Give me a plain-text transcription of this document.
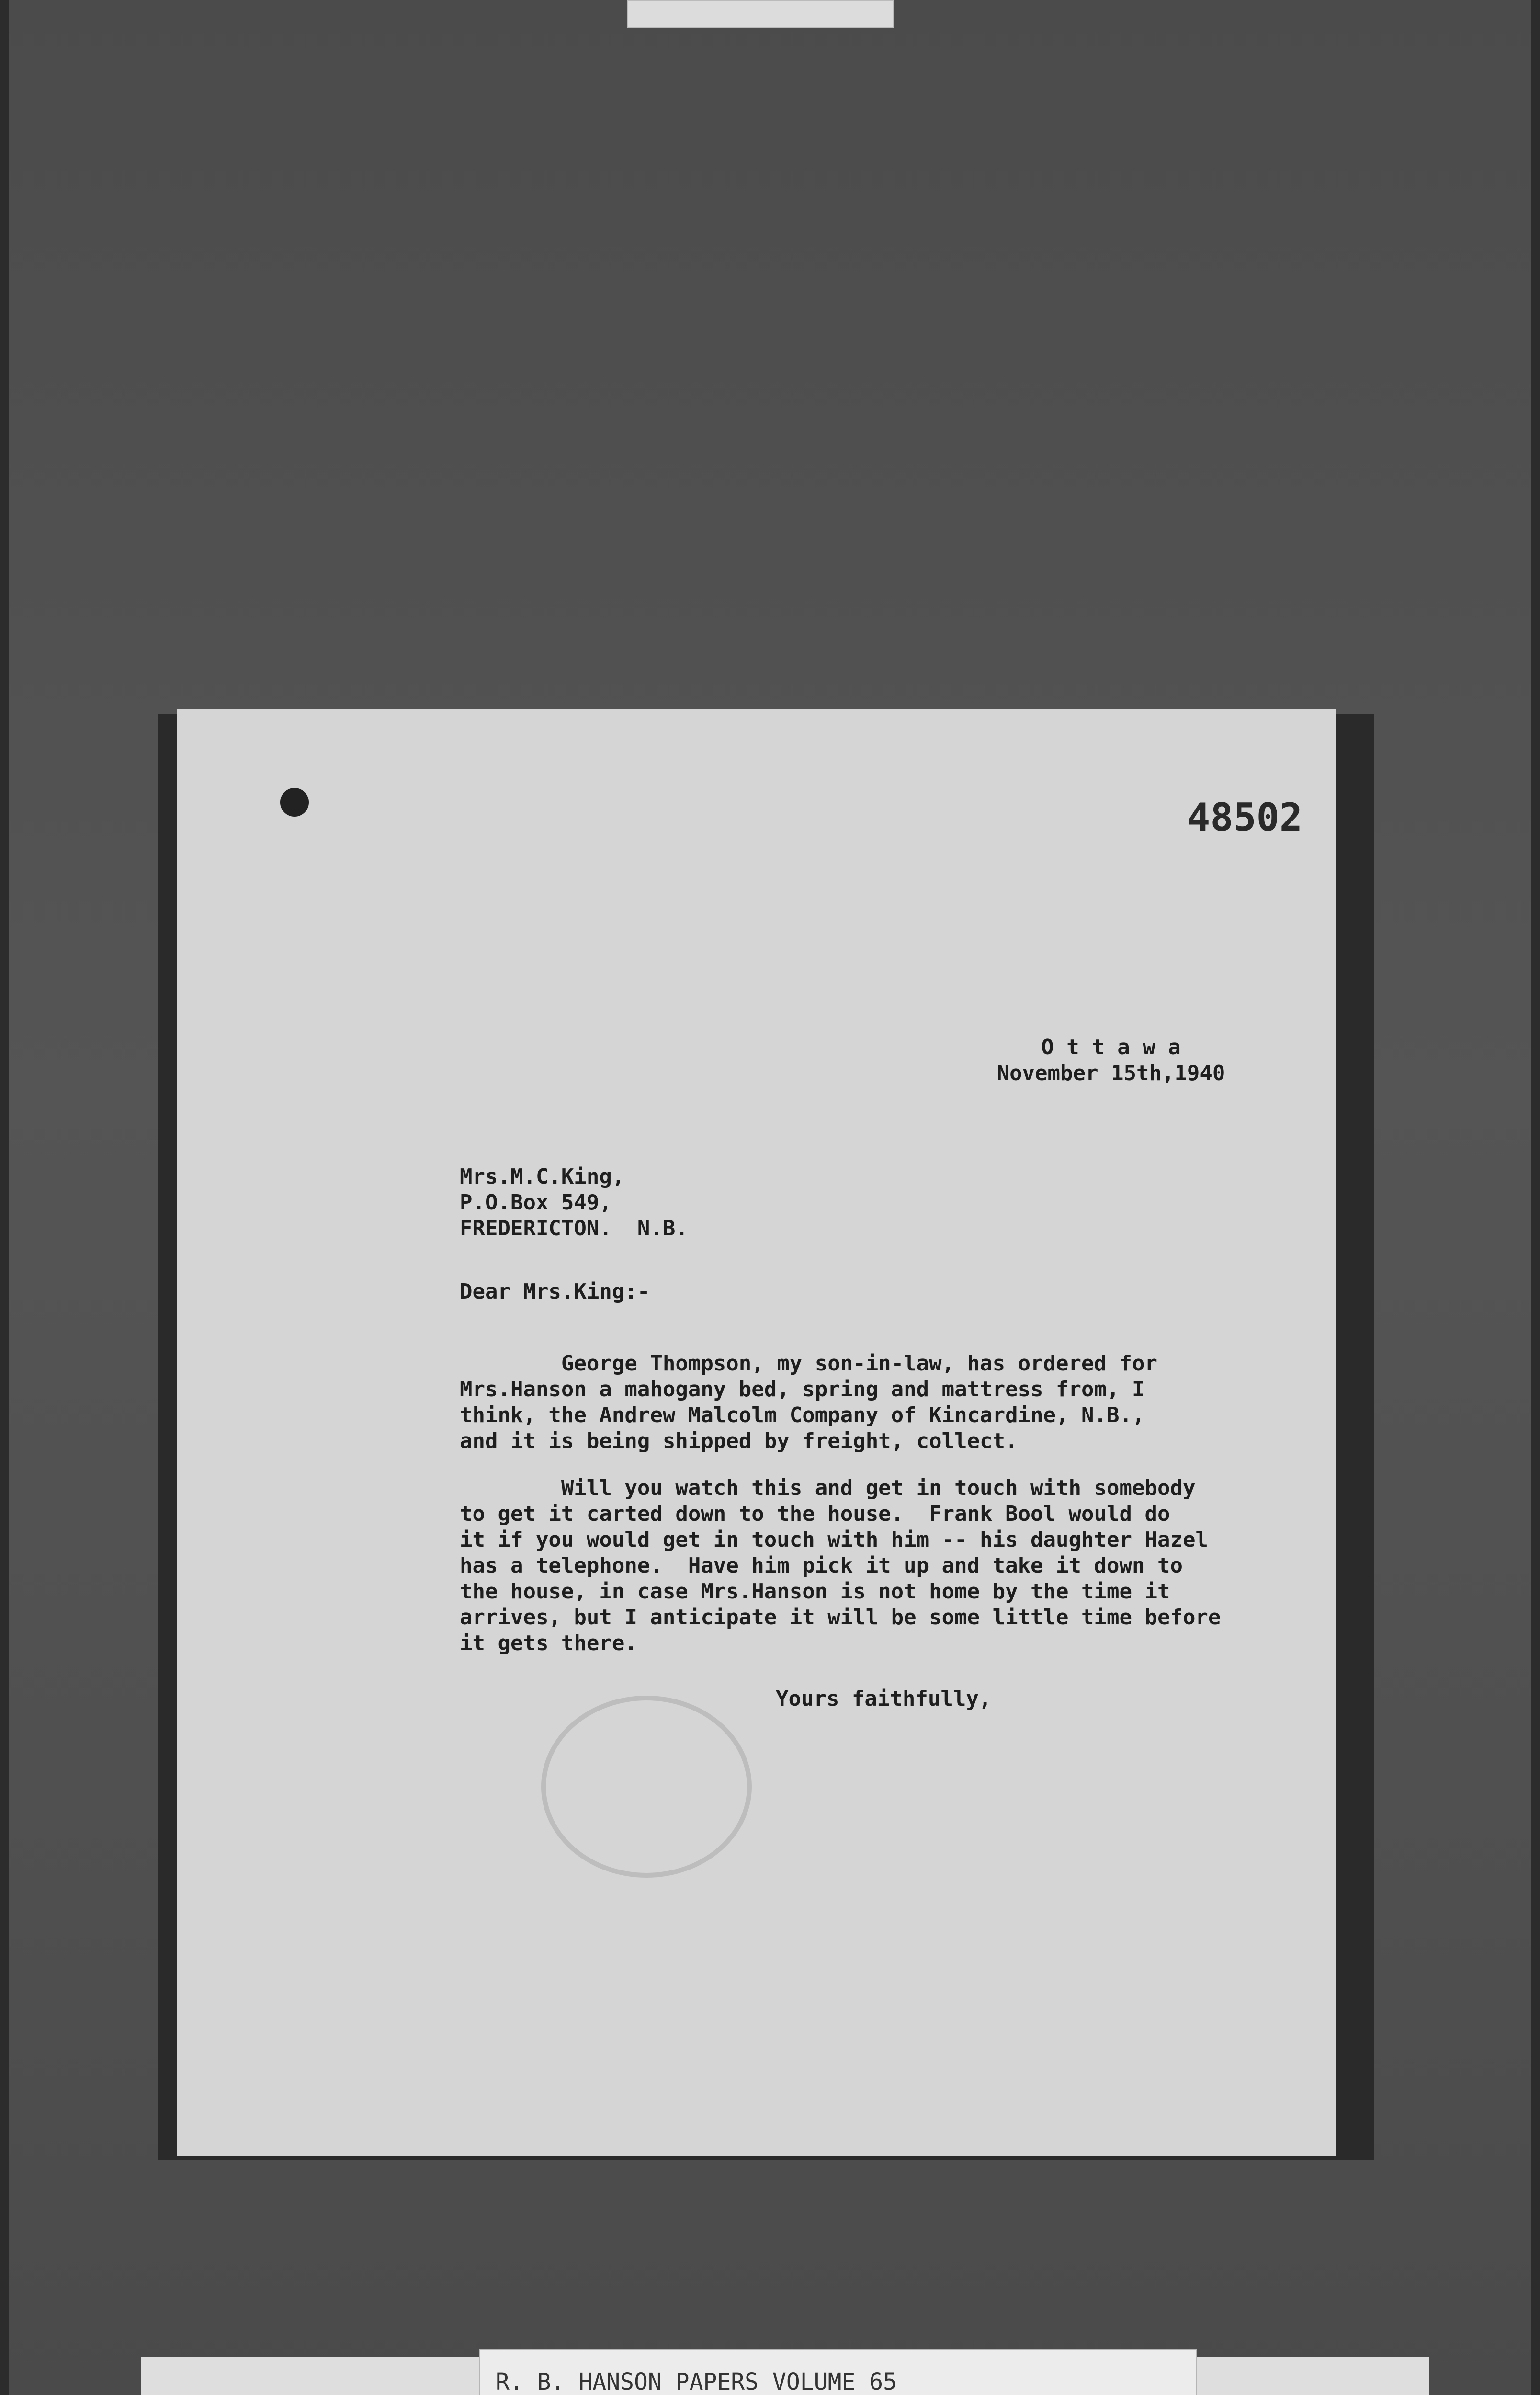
48502
O t t a w a
November 15th,1940
Mrs.M.C.King,
P.O.Box 549,
FREDERICTON.  N.B.
Dear Mrs.King:-
George Thompson, my son-in-law, has ordered for
Mrs.Hanson a mahogany bed, spring and mattress from, I
think, the Andrew Malcolm Company of Kincardine, N.B.,
and it is being shipped by freight, collect.
Will you watch this and get in touch with somebody
to get it carted down to the house.  Frank Bool would do
it if you would get in touch with him -- his daughter Hazel
has a telephone.  Have him pick it up and take it down to
the house, in case Mrs.Hanson is not home by the time it
arrives, but I anticipate it will be some little time before
it gets there.
Yours faithfully,
R. B. HANSON PAPERS VOLUME 65
